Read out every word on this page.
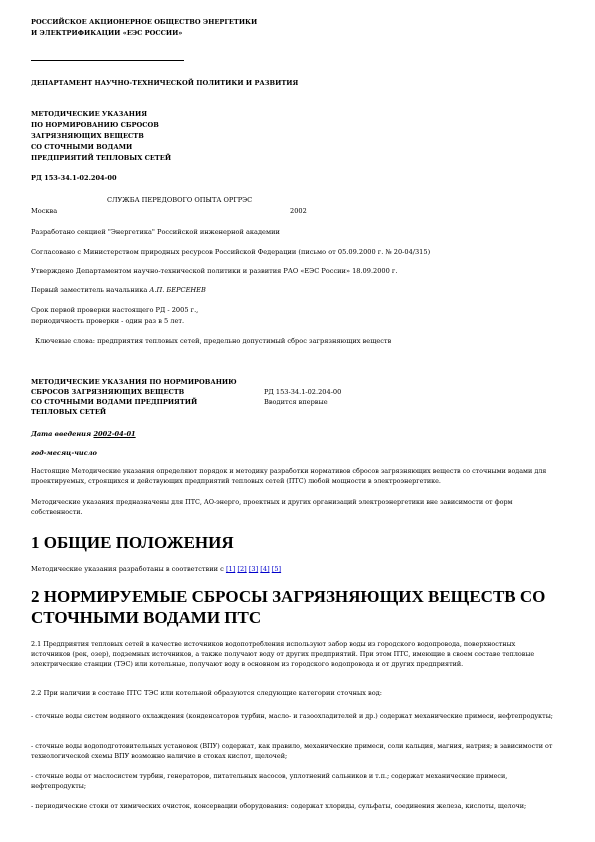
РОССИЙСКОЕ АКЦИОНЕРНОЕ ОБЩЕСТВО ЭНЕРГЕТИКИ
И ЭЛЕКТРИФИКАЦИИ «ЕЭС РОССИИ»
ДЕПАРТАМЕНТ НАУЧНО-ТЕХНИЧЕСКОЙ ПОЛИТИКИ И РАЗВИТИЯ
МЕТОДИЧЕСКИЕ УКАЗАНИЯ
ПО НОРМИРОВАНИЮ СБРОСОВ
ЗАГРЯЗНЯЮЩИХ ВЕЩЕСТВ
СО СТОЧНЫМИ ВОДАМИ
ПРЕДПРИЯТИЙ ТЕПЛОВЫХ СЕТЕЙ
РД 153-34.1-02.204-00
СЛУЖБА ПЕРЕДОВОГО ОПЫТА ОРГРЭС
Москва	2002
Разработано секцией "Энергетика" Российской инженерной академии
Согласовано с Министерством природных ресурсов Российской Федерации (письмо от 05.09.2000 г. № 20-04/315)
Утверждено Департаментом научно-технической политики и развития РАО «ЕЭС России» 18.09.2000 г.
Первый заместитель начальника А.П. БЕРСЕНЕВ
Срок первой проверки настоящего РД - 2005 г.,
периодичность проверки - один раз в 5 лет.
Ключевые слова: предприятия тепловых сетей, предельно допустимый сброс загрязняющих веществ
МЕТОДИЧЕСКИЕ УКАЗАНИЯ ПО НОРМИРОВАНИЮ
СБРОСОВ ЗАГРЯЗНЯЮЩИХ ВЕЩЕСТВ
СО СТОЧНЫМИ ВОДАМИ ПРЕДПРИЯТИЙ
ТЕПЛОВЫХ СЕТЕЙ
РД 153-34.1-02.204-00
Вводится впервые
Дата введения 2002-04-01
год-месяц-число
Настоящие Методические указания определяют порядок и методику разработки нормативов сбросов загрязняющих веществ со сточными водами для проектируемых, строящихся и действующих предприятий тепловых сетей (ПТС) любой мощности в электроэнергетике.
Методические указания предназначены для ПТС, АО-энерго, проектных и других организаций электроэнергетики вне зависимости от форм собственности.
1 ОБЩИЕ ПОЛОЖЕНИЯ
Методические указания разработаны в соответствии с [1] [2] [3] [4] [5]
2 НОРМИРУЕМЫЕ СБРОСЫ ЗАГРЯЗНЯЮЩИХ ВЕЩЕСТВ СО
СТОЧНЫМИ ВОДАМИ ПТС
2.1 Предприятия тепловых сетей в качестве источников водопотребления используют забор воды из городского водопровода, поверхностных источников (рек, озер), подземных источников, а также получают воду от других предприятий. При этом ПТС, имеющие в своем составе тепловые электрические станции (ТЭС) или котельные, получают воду в основном из городского водопровода и от других предприятий.
2.2 При наличии в составе ПТС ТЭС или котельной образуются следующие категории сточных вод:
- сточные воды систем водяного охлаждения (конденсаторов турбин, масло- и газоохладителей и др.) содержат механические примеси, нефтепродукты;
- сточные воды водоподготовительных установок (ВПУ) содержат, как правило, механические примеси, соли кальция, магния, натрия; в зависимости от технологической схемы ВПУ возможно наличие в стоках кислот, щелочей;
- сточные воды от маслосистем турбин, генераторов, питательных насосов, уплотнений сальников и т.п.; содержат механические примеси, нефтепродукты;
- периодические стоки от химических очисток, консервации оборудования: содержат хлориды, сульфаты, соединения железа, кислоты, щелочи;
